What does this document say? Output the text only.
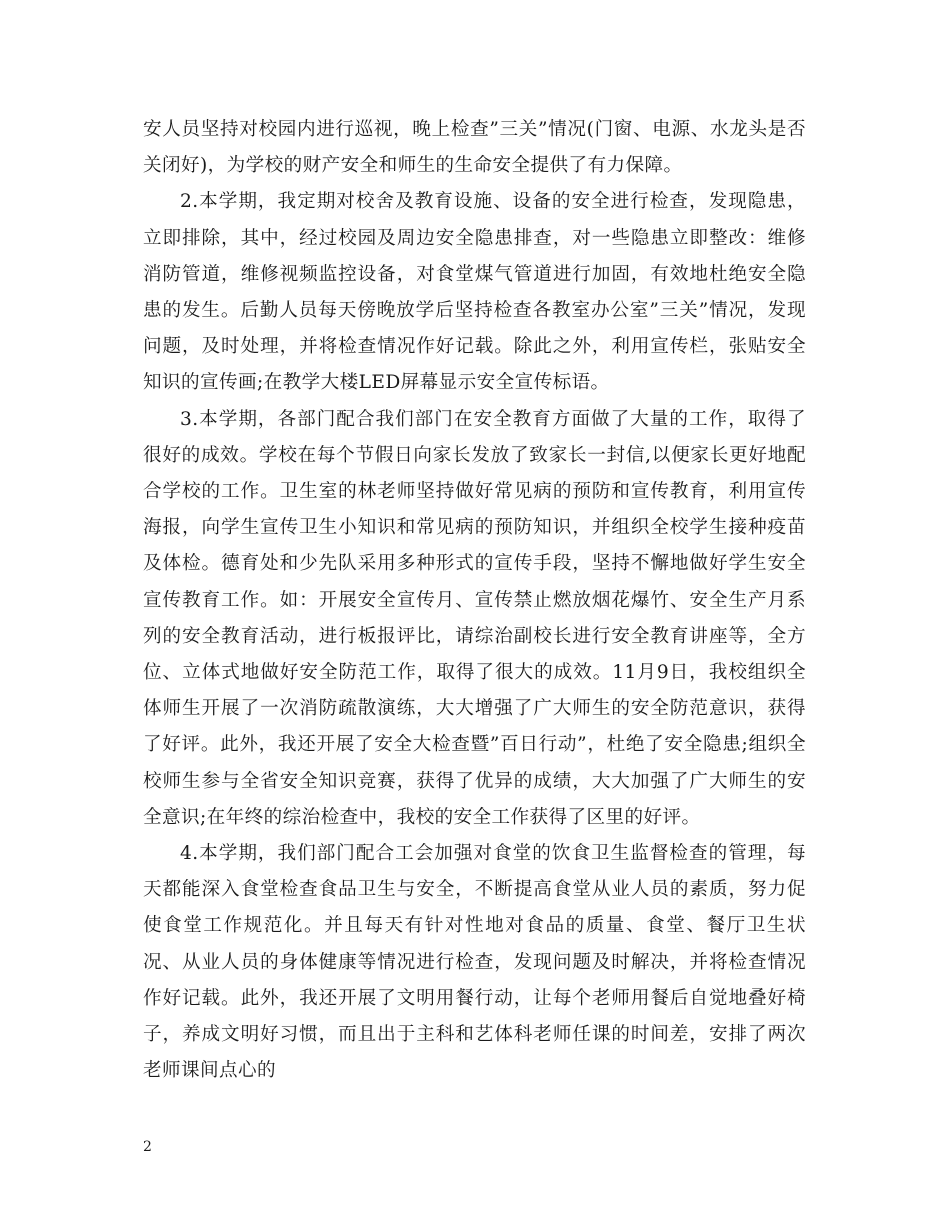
安人员坚持对校园内进行巡视，晚上检查”三关”情况(门窗、电源、水龙头是否关闭好)，为学校的财产安全和师生的生命安全提供了有力保障。

2.本学期，我定期对校舍及教育设施、设备的安全进行检查，发现隐患，立即排除，其中，经过校园及周边安全隐患排查，对一些隐患立即整改：维修消防管道，维修视频监控设备，对食堂煤气管道进行加固，有效地杜绝安全隐患的发生。后勤人员每天傍晚放学后坚持检查各教室办公室”三关”情况，发现问题，及时处理，并将检查情况作好记载。除此之外，利用宣传栏，张贴安全知识的宣传画;在教学大楼LED屏幕显示安全宣传标语。

3.本学期，各部门配合我们部门在安全教育方面做了大量的工作，取得了很好的成效。学校在每个节假日向家长发放了致家长一封信,以便家长更好地配合学校的工作。卫生室的林老师坚持做好常见病的预防和宣传教育，利用宣传海报，向学生宣传卫生小知识和常见病的预防知识，并组织全校学生接种疫苗及体检。德育处和少先队采用多种形式的宣传手段，坚持不懈地做好学生安全宣传教育工作。如：开展安全宣传月、宣传禁止燃放烟花爆竹、安全生产月系列的安全教育活动，进行板报评比，请综治副校长进行安全教育讲座等，全方位、立体式地做好安全防范工作，取得了很大的成效。11月9日，我校组织全体师生开展了一次消防疏散演练，大大增强了广大师生的安全防范意识，获得了好评。此外，我还开展了安全大检查暨”百日行动”，杜绝了安全隐患;组织全校师生参与全省安全知识竞赛，获得了优异的成绩，大大加强了广大师生的安全意识;在年终的综治检查中，我校的安全工作获得了区里的好评。

4.本学期，我们部门配合工会加强对食堂的饮食卫生监督检查的管理，每天都能深入食堂检查食品卫生与安全，不断提高食堂从业人员的素质，努力促使食堂工作规范化。并且每天有针对性地对食品的质量、食堂、餐厅卫生状况、从业人员的身体健康等情况进行检查，发现问题及时解决，并将检查情况作好记载。此外，我还开展了文明用餐行动，让每个老师用餐后自觉地叠好椅子，养成文明好习惯，而且出于主科和艺体科老师任课的时间差，安排了两次老师课间点心的

2
